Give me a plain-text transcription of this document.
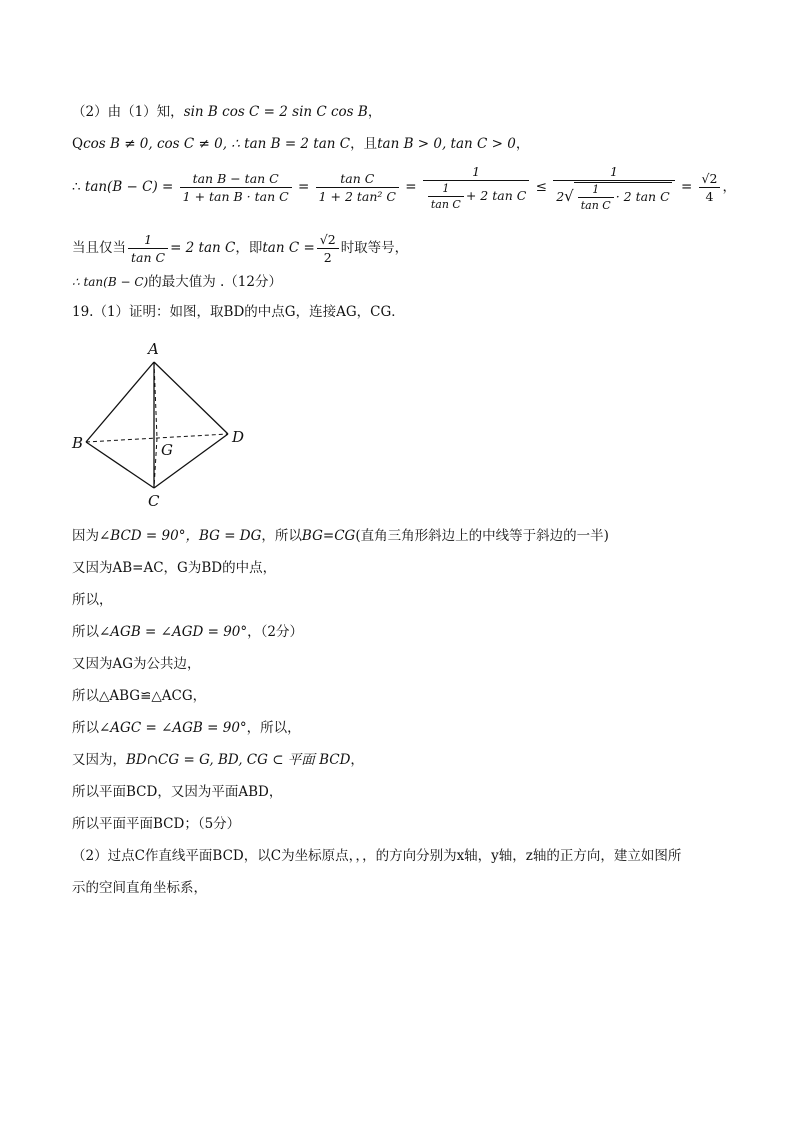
（2）由（1）知，sin B cos C = 2 sin C cos B，
Qcos B ≠ 0, cos C ≠ 0, ∴ tan B = 2 tan C，且tan B > 0, tan C > 0，
∴ $\tan(B - C) = \frac{\text{tan B − tan C}}{\text{1 + tan B · tan C}} = \frac{\text{tan C}}{\text{1 + 2 tan² C}} = \frac{1}{\frac{1}{\text{tan C}} + 2 \tan C} \le \frac{1}{2√ \frac{1}{\text{tan C}} \cdot 2 \tan C} = \frac{√2}{4}$ ，
当且仅当 $\frac{1}{\text{tan C}} = 2$ tan C，即$\tan C = \frac{√2}{2}$ 时取等号，
∴ tan(B − C)的最大值为 .（12分）
19.（1）证明：如图，取BD的中点G，连接AG，CG．
A
B	D
G
C
因为∠BCD = 90°，BG = DG，所以BG=CG(直角三角形斜边上的中线等于斜边的一半)
又因为AB=AC，G为BD的中点，
所以，
所以∠AGB = ∠AGD = 90°，（2分）
又因为AG为公共边，
所以△ABG≌△ACG，
所以∠AGC = ∠AGB = 90°，所以，
又因为，BD∩CG = G, BD, CG ⊂ 平面 BCD，
所以平面BCD，又因为平面ABD，
所以平面平面BCD；（5分）
（2）过点C作直线平面BCD，以C为坐标原点，，，的方向分别为x轴，y轴，z轴的正方向，建立如图所
示的空间直角坐标系，
